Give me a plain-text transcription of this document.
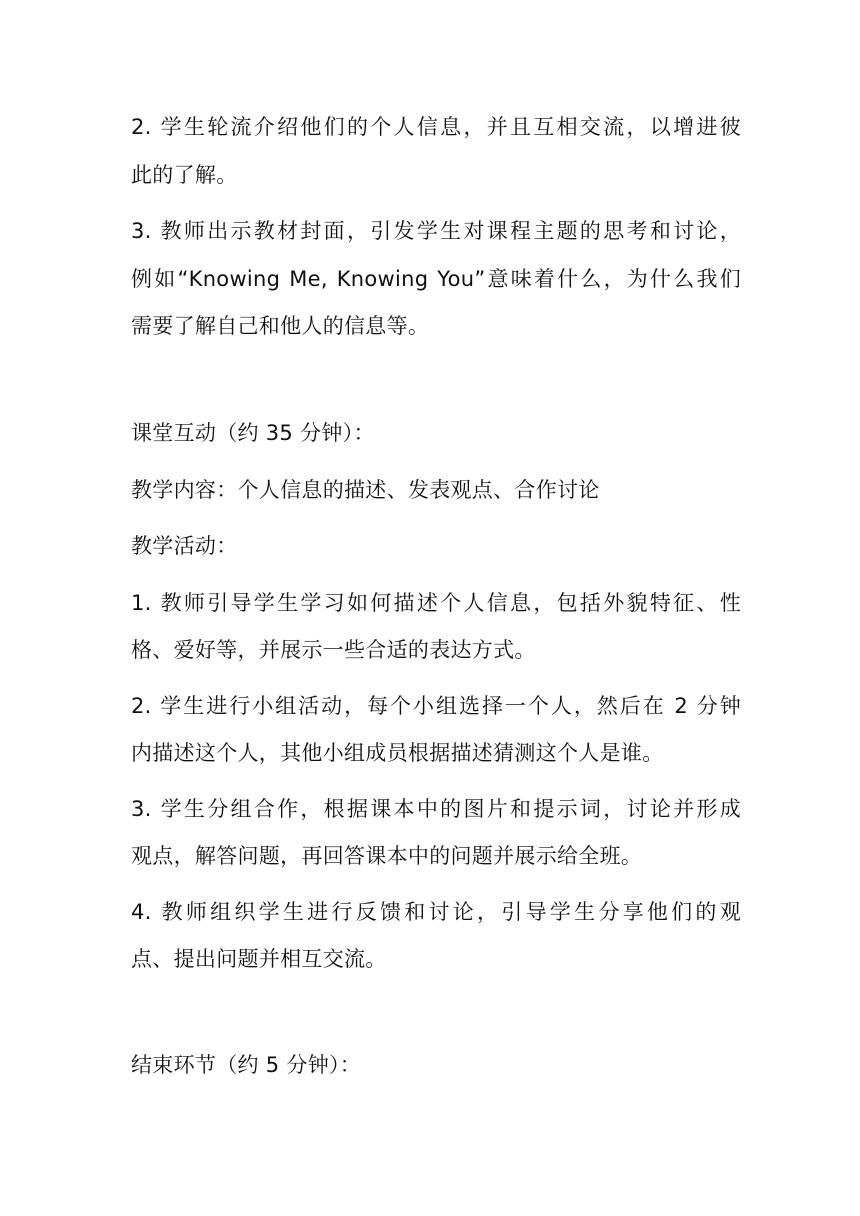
2. 学生轮流介绍他们的个人信息，并且互相交流，以增进彼
此的了解。
3. 教师出示教材封面，引发学生对课程主题的思考和讨论，
例如“Knowing Me, Knowing You”意味着什么，为什么我们
需要了解自己和他人的信息等。
课堂互动（约 35 分钟）：
教学内容：个人信息的描述、发表观点、合作讨论
教学活动：
1. 教师引导学生学习如何描述个人信息，包括外貌特征、性
格、爱好等，并展示一些合适的表达方式。
2. 学生进行小组活动，每个小组选择一个人，然后在 2 分钟
内描述这个人，其他小组成员根据描述猜测这个人是谁。
3. 学生分组合作，根据课本中的图片和提示词，讨论并形成
观点，解答问题，再回答课本中的问题并展示给全班。
4. 教师组织学生进行反馈和讨论，引导学生分享他们的观
点、提出问题并相互交流。
结束环节（约 5 分钟）：
